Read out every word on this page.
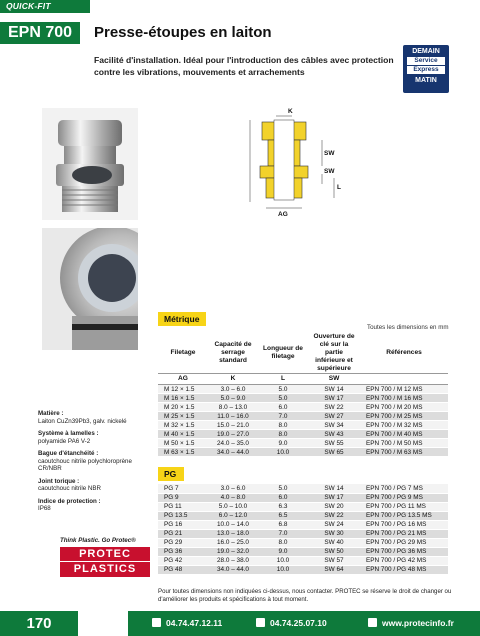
QUICK-FIT
EPN 700	Presse-étoupes en laiton
Facilité d'installation. Idéal pour l'introduction des câbles avec protection contre les vibrations, mouvements et arrachements
DEMAIN
Service
Express
MATIN
K
SW
SW
L
AG
Métrique
Toutes les dimensions en mm
Filetage	Capacité de serrage standard	Longueur de filetage	Ouverture de clé sur la partie inférieure et supérieure	Références
AG	K	L	SW	
M 12 × 1.5	3.0 – 6.0	5.0	SW 14	EPN 700 / M 12 MS
M 16 × 1.5	5.0 – 9.0	5.0	SW 17	EPN 700 / M 16 MS
M 20 × 1.5	8.0 – 13.0	6.0	SW 22	EPN 700 / M 20 MS
M 25 × 1.5	11.0 – 16.0	7.0	SW 27	EPN 700 / M 25 MS
M 32 × 1.5	15.0 – 21.0	8.0	SW 34	EPN 700 / M 32 MS
M 40 × 1.5	19.0 – 27.0	8.0	SW 43	EPN 700 / M 40 MS
M 50 × 1.5	24.0 – 35.0	9.0	SW 55	EPN 700 / M 50 MS
M 63 × 1.5	34.0 – 44.0	10.0	SW 65	EPN 700 / M 63 MS
PG
PG 7	3.0 – 6.0	5.0	SW 14	EPN 700 / PG 7 MS
PG 9	4.0 – 8.0	6.0	SW 17	EPN 700 / PG 9 MS
PG 11	5.0 – 10.0	6.3	SW 20	EPN 700 / PG 11 MS
PG 13.5	6.0 – 12.0	6.5	SW 22	EPN 700 / PG 13.5 MS
PG 16	10.0 – 14.0	6.8	SW 24	EPN 700 / PG 16 MS
PG 21	13.0 – 18.0	7.0	SW 30	EPN 700 / PG 21 MS
PG 29	16.0 – 25.0	8.0	SW 40	EPN 700 / PG 29 MS
PG 36	19.0 – 32.0	9.0	SW 50	EPN 700 / PG 36 MS
PG 42	28.0 – 38.0	10.0	SW 57	EPN 700 / PG 42 MS
PG 48	34.0 – 44.0	10.0	SW 64	EPN 700 / PG 48 MS
Matière :
Laiton CuZn39Pb3, galv. nickelé
Système à lamelles :
polyamide PA6 V-2
Bague d'étanchéité :
caoutchouc nitrile polychloroprène CR/NBR
Joint torique :
caoutchouc nitrile NBR
Indice de protection :
IP68
Think Plastic. Go Protec®
PROTEC
PLASTICS
Pour toutes dimensions non indiquées ci-dessus, nous contacter. PROTEC se réserve le droit de changer ou d'améliorer les produits et spécifications à tout moment.
170	04.74.47.12.11	04.74.25.07.10	www.protecinfo.fr
